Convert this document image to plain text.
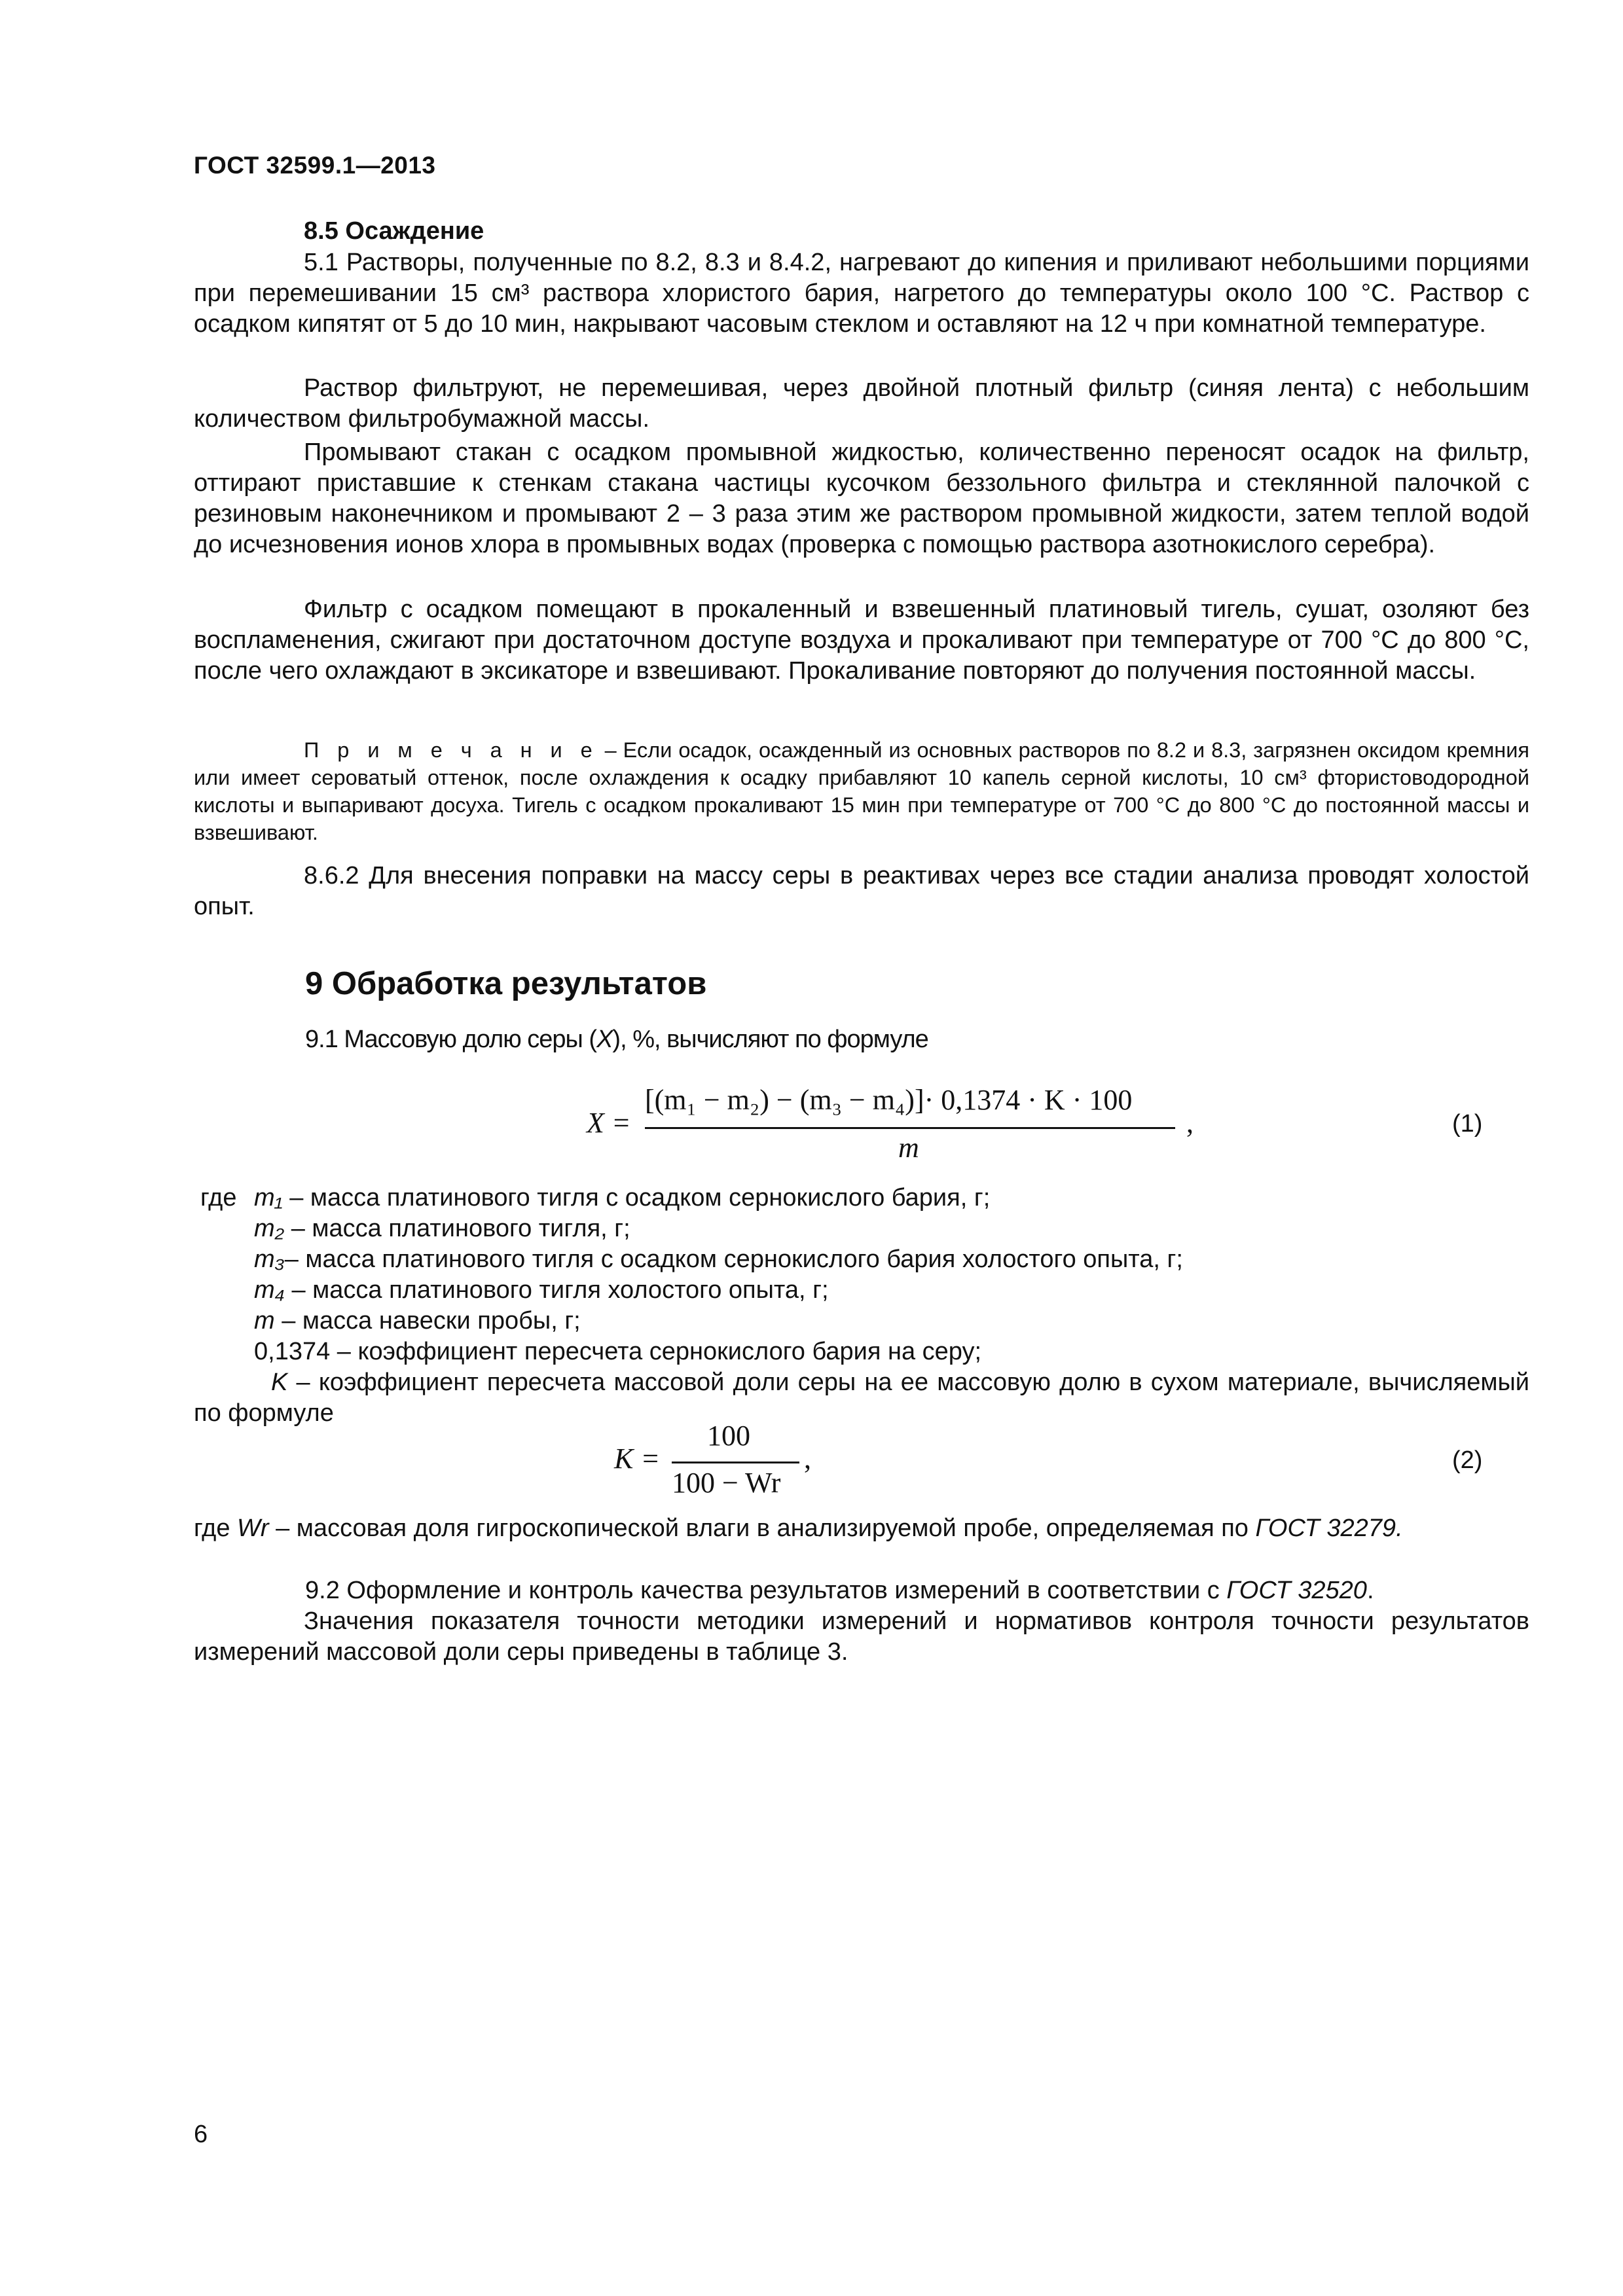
ГОСТ 32599.1—2013
8.5 Осаждение
5.1 Растворы, полученные по 8.2, 8.3 и 8.4.2, нагревают до кипения и приливают небольшими порциями при перемешивании 15 см³ раствора хлористого бария, нагретого до температуры около 100 °С. Раствор с осадком кипятят от 5 до 10 мин, накрывают часовым стеклом и оставляют на 12 ч при комнатной температуре.
Раствор фильтруют, не перемешивая, через двойной плотный фильтр (синяя лента) с небольшим количеством фильтробумажной массы.
Промывают стакан с осадком промывной жидкостью, количественно переносят осадок на фильтр, оттирают приставшие к стенкам стакана частицы кусочком беззольного фильтра и стеклянной палочкой с резиновым наконечником и промывают 2 – 3 раза этим же раствором промывной жидкости, затем теплой водой до исчезновения ионов хлора в промывных водах (проверка с помощью раствора азотнокислого серебра).
Фильтр с осадком помещают в прокаленный и взвешенный платиновый тигель, сушат, озоляют без воспламенения, сжигают при достаточном доступе воздуха и прокаливают при температуре от 700 °С до 800 °С, после чего охлаждают в эксикаторе и взвешивают. Прокаливание повторяют до получения постоянной массы.
П р и м е ч а н и е – Если осадок, осажденный из основных растворов по 8.2 и 8.3, загрязнен оксидом кремния или имеет сероватый оттенок, после охлаждения к осадку прибавляют 10 капель серной кислоты, 10 см³ фтористоводородной кислоты и выпаривают досуха. Тигель с осадком прокаливают 15 мин при температуре от 700 °С до 800 °С до постоянной массы и взвешивают.
8.6.2 Для внесения поправки на массу серы в реактивах через все стадии анализа проводят холостой опыт.
9 Обработка результатов
9.1 Массовую долю серы (X), %, вычисляют по формуле
X =
[(m₁ − m₂) − (m₃ − m₄)]· 0,1374 · K · 100
m
,	(1)
где m₁ – масса платинового тигля с осадком сернокислого бария, г;
m₂ – масса платинового тигля, г;
m₃– масса платинового тигля с осадком сернокислого бария холостого опыта, г;
m₄ – масса платинового тигля холостого опыта, г;
m – масса навески пробы, г;
0,1374 – коэффициент пересчета сернокислого бария на серу;
K – коэффициент пересчета массовой доли серы на ее массовую долю в сухом материале, вычисляемый по формуле
K =
100
100 − Wr
,	(2)
где Wr – массовая доля гигроскопической влаги в анализируемой пробе, определяемая по ГОСТ 32279.
9.2 Оформление и контроль качества результатов измерений в соответствии с ГОСТ 32520.
Значения показателя точности методики измерений и нормативов контроля точности результатов измерений массовой доли серы приведены в таблице 3.
6
